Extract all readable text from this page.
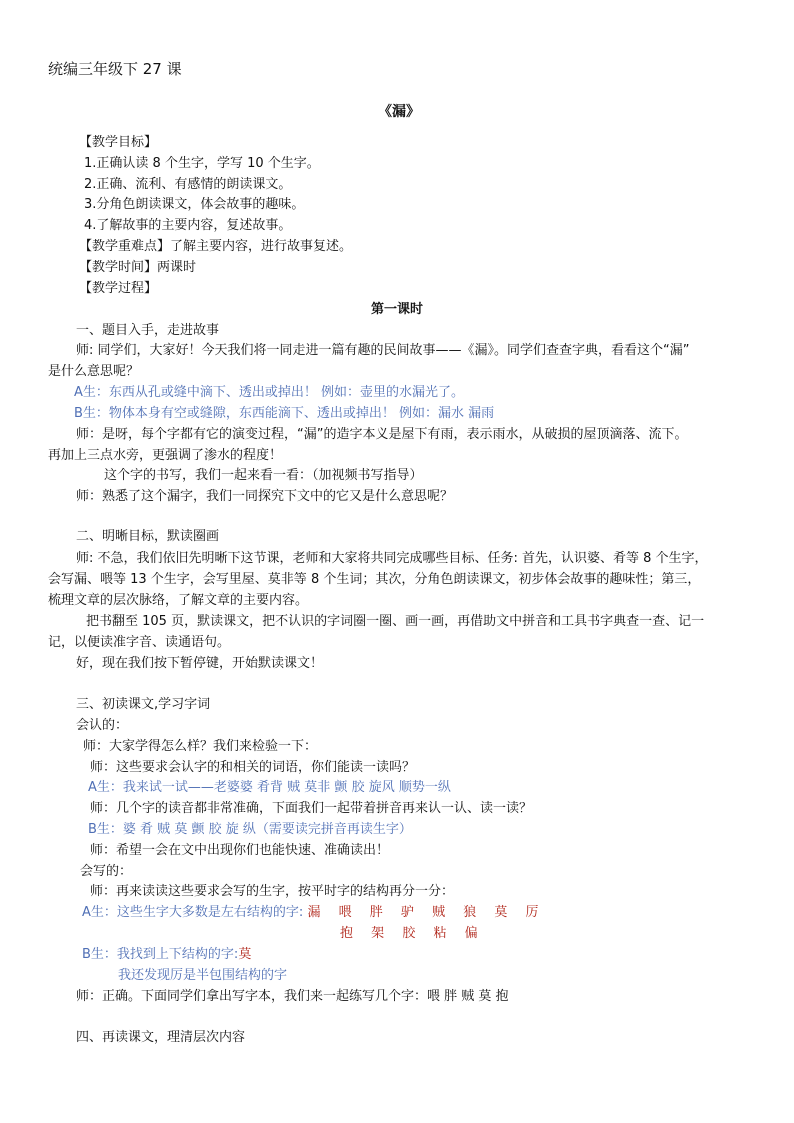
统编三年级下 27 课
《漏》
【教学目标】
1.正确认读 8 个生字，学写 10 个生字。
2.正确、流利、有感情的朗读课文。
3.分角色朗读课文，体会故事的趣味。
4.了解故事的主要内容，复述故事。
【教学重难点】了解主要内容，进行故事复述。
【教学时间】两课时
【教学过程】
第一课时
一、题目入手，走进故事
师: 同学们，大家好！今天我们将一同走进一篇有趣的民间故事——《漏》。同学们查查字典，看看这个“漏”
是什么意思呢？
A生：东西从孔或缝中滴下、透出或掉出！ 例如：壶里的水漏光了。
B生：物体本身有空或缝隙，东西能滴下、透出或掉出！ 例如：漏水 漏雨
师：是呀，每个字都有它的演变过程，“漏”的造字本义是屋下有雨，表示雨水，从破损的屋顶滴落、流下。
再加上三点水旁，更强调了渗水的程度！
这个字的书写，我们一起来看一看：（加视频书写指导）
师：熟悉了这个漏字，我们一同探究下文中的它又是什么意思呢？
二、明晰目标，默读圈画
师: 不急，我们依旧先明晰下这节课，老师和大家将共同完成哪些目标、任务: 首先，认识婆、肴等 8 个生字，
会写漏、喂等 13 个生字，会写里屋、莫非等 8 个生词；其次，分角色朗读课文，初步体会故事的趣味性；第三，
梳理文章的层次脉络，了解文章的主要内容。
把书翻至 105 页，默读课文，把不认识的字词圈一圈、画一画，再借助文中拼音和工具书字典查一查、记一
记，以便读准字音、读通语句。
好，现在我们按下暂停键，开始默读课文！
三、初读课文,学习字词
会认的：
师：大家学得怎么样？我们来检验一下：
师：这些要求会认字的和相关的词语，你们能读一读吗？
A生：我来试一试——老婆婆 肴背 贼 莫非 颤 胶 旋风 顺势一纵
师：几个字的读音都非常准确，下面我们一起带着拼音再来认一认、读一读？
B生：婆 肴 贼 莫 颤 胶 旋 纵（需要读完拼音再读生字）
师：希望一会在文中出现你们也能快速、准确读出！
会写的：
师：再来读读这些要求会写的生字，按平时字的结构再分一分：
A生：这些生字大多数是左右结构的字: 漏 喂 胖 驴 贼 狼 莫 厉
抱 架 胶 粘 偏
B生：我找到上下结构的字:莫
我还发现厉是半包围结构的字
师：正确。下面同学们拿出写字本，我们来一起练写几个字：喂 胖 贼 莫 抱
四、再读课文，理清层次内容
